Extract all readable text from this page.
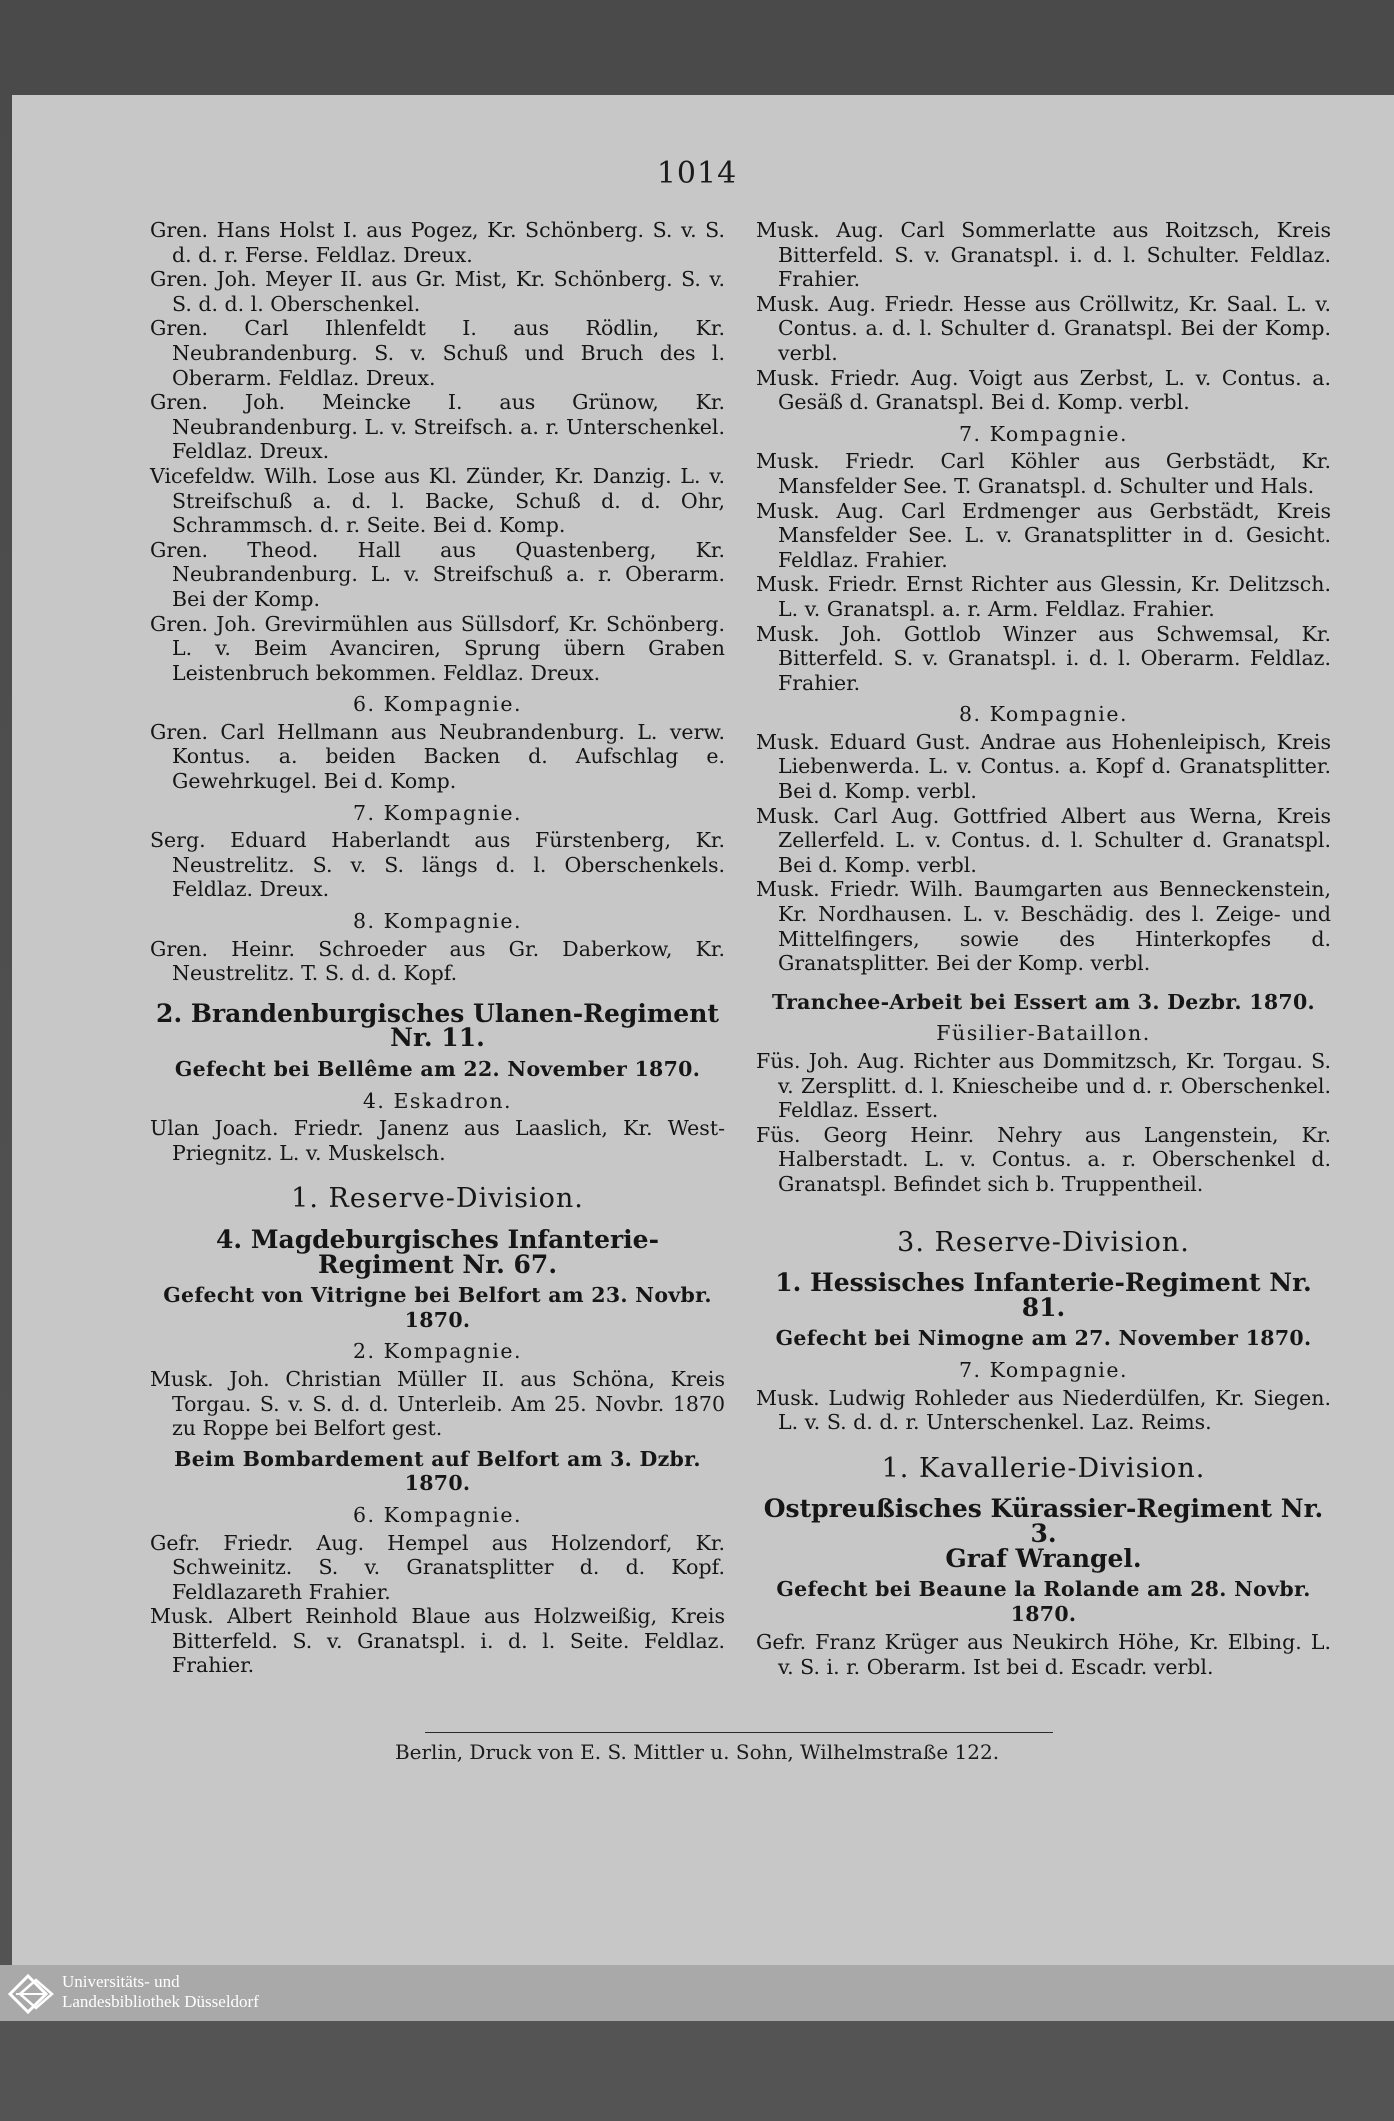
1014
Gren. Hans Holst I. aus Pogez, Kr. Schönberg. S. v. S. d. d. r. Ferse. Feldlaz. Dreux.
Gren. Joh. Meyer II. aus Gr. Mist, Kr. Schönberg. S. v. S. d. d. l. Oberschenkel.
Gren. Carl Ihlenfeldt I. aus Rödlin, Kr. Neubrandenburg. S. v. Schuß und Bruch des l. Oberarm. Feldlaz. Dreux.
Gren. Joh. Meincke I. aus Grünow, Kr. Neubrandenburg. L. v. Streifsch. a. r. Unterschenkel. Feldlaz. Dreux.
Vicefeldw. Wilh. Lose aus Kl. Zünder, Kr. Danzig. L. v. Streifschuß a. d. l. Backe, Schuß d. d. Ohr, Schrammsch. d. r. Seite. Bei d. Komp.
Gren. Theod. Hall aus Quastenberg, Kr. Neubrandenburg. L. v. Streifschuß a. r. Oberarm. Bei der Komp.
Gren. Joh. Grevirmühlen aus Süllsdorf, Kr. Schönberg. L. v. Beim Avanciren, Sprung übern Graben Leistenbruch bekommen. Feldlaz. Dreux.
6. Kompagnie.
Gren. Carl Hellmann aus Neubrandenburg. L. verw. Kontus. a. beiden Backen d. Aufschlag e. Gewehrkugel. Bei d. Komp.
7. Kompagnie.
Serg. Eduard Haberlandt aus Fürstenberg, Kr. Neustrelitz. S. v. S. längs d. l. Oberschenkels. Feldlaz. Dreux.
8. Kompagnie.
Gren. Heinr. Schroeder aus Gr. Daberkow, Kr. Neustrelitz. T. S. d. d. Kopf.
2. Brandenburgisches Ulanen-Regiment Nr. 11.
Gefecht bei Bellême am 22. November 1870.
4. Eskadron.
Ulan Joach. Friedr. Janenz aus Laaslich, Kr. West-Priegnitz. L. v. Muskelsch.
1. Reserve-Division.
4. Magdeburgisches Infanterie-Regiment Nr. 67.
Gefecht von Vitrigne bei Belfort am 23. Novbr. 1870.
2. Kompagnie.
Musk. Joh. Christian Müller II. aus Schöna, Kreis Torgau. S. v. S. d. d. Unterleib. Am 25. Novbr. 1870 zu Roppe bei Belfort gest.
Beim Bombardement auf Belfort am 3. Dzbr. 1870.
6. Kompagnie.
Gefr. Friedr. Aug. Hempel aus Holzendorf, Kr. Schweinitz. S. v. Granatsplitter d. d. Kopf. Feldlazareth Frahier.
Musk. Albert Reinhold Blaue aus Holzweißig, Kreis Bitterfeld. S. v. Granatspl. i. d. l. Seite. Feldlaz. Frahier.
Musk. Aug. Carl Sommerlatte aus Roitzsch, Kreis Bitterfeld. S. v. Granatspl. i. d. l. Schulter. Feldlaz. Frahier.
Musk. Aug. Friedr. Hesse aus Cröllwitz, Kr. Saal. L. v. Contus. a. d. l. Schulter d. Granatspl. Bei der Komp. verbl.
Musk. Friedr. Aug. Voigt aus Zerbst, L. v. Contus. a. Gesäß d. Granatspl. Bei d. Komp. verbl.
7. Kompagnie.
Musk. Friedr. Carl Köhler aus Gerbstädt, Kr. Mansfelder See. T. Granatspl. d. Schulter und Hals.
Musk. Aug. Carl Erdmenger aus Gerbstädt, Kreis Mansfelder See. L. v. Granatsplitter in d. Gesicht. Feldlaz. Frahier.
Musk. Friedr. Ernst Richter aus Glessin, Kr. Delitzsch. L. v. Granatspl. a. r. Arm. Feldlaz. Frahier.
Musk. Joh. Gottlob Winzer aus Schwemsal, Kr. Bitterfeld. S. v. Granatspl. i. d. l. Oberarm. Feldlaz. Frahier.
8. Kompagnie.
Musk. Eduard Gust. Andrae aus Hohenleipisch, Kreis Liebenwerda. L. v. Contus. a. Kopf d. Granatsplitter. Bei d. Komp. verbl.
Musk. Carl Aug. Gottfried Albert aus Werna, Kreis Zellerfeld. L. v. Contus. d. l. Schulter d. Granatspl. Bei d. Komp. verbl.
Musk. Friedr. Wilh. Baumgarten aus Benneckenstein, Kr. Nordhausen. L. v. Beschädig. des l. Zeige- und Mittelfingers, sowie des Hinterkopfes d. Granatsplitter. Bei der Komp. verbl.
Tranchee-Arbeit bei Essert am 3. Dezbr. 1870.
Füsilier-Bataillon.
Füs. Joh. Aug. Richter aus Dommitzsch, Kr. Torgau. S. v. Zersplitt. d. l. Kniescheibe und d. r. Oberschenkel. Feldlaz. Essert.
Füs. Georg Heinr. Nehry aus Langenstein, Kr. Halberstadt. L. v. Contus. a. r. Oberschenkel d. Granatspl. Befindet sich b. Truppentheil.
3. Reserve-Division.
1. Hessisches Infanterie-Regiment Nr. 81.
Gefecht bei Nimogne am 27. November 1870.
7. Kompagnie.
Musk. Ludwig Rohleder aus Niederdülfen, Kr. Siegen. L. v. S. d. d. r. Unterschenkel. Laz. Reims.
1. Kavallerie-Division.
Ostpreußisches Kürassier-Regiment Nr. 3.
Graf Wrangel.
Gefecht bei Beaune la Rolande am 28. Novbr. 1870.
Gefr. Franz Krüger aus Neukirch Höhe, Kr. Elbing. L. v. S. i. r. Oberarm. Ist bei d. Escadr. verbl.
Berlin, Druck von E. S. Mittler u. Sohn, Wilhelmstraße 122.
Universitäts- und
Landesbibliothek Düsseldorf
